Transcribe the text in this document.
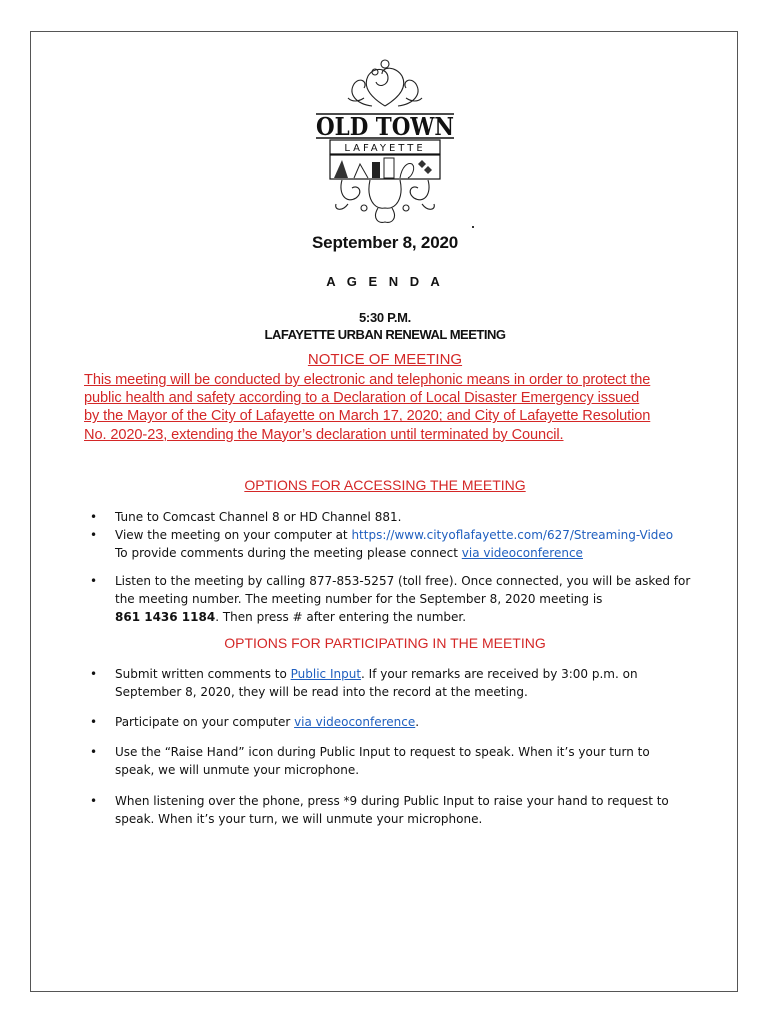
OLD TOWN
LAFAYETTE
September 8, 2020
A G E N D A
5:30 P.M.
LAFAYETTE URBAN RENEWAL MEETING
NOTICE OF MEETING
This meeting will be conducted by electronic and telephonic means in order to protect the
public health and safety according to a Declaration of Local Disaster Emergency issued
by the Mayor of the City of Lafayette on March 17, 2020; and City of Lafayette Resolution
No. 2020-23, extending the Mayor’s declaration until terminated by Council.
OPTIONS FOR ACCESSING THE MEETING
• Tune to Comcast Channel 8 or HD Channel 881.
• View the meeting on your computer at https://www.cityoflafayette.com/627/Streaming-Video
To provide comments during the meeting please connect via videoconference
• Listen to the meeting by calling 877-853-5257 (toll free). Once connected, you will be asked for
the meeting number. The meeting number for the September 8, 2020 meeting is
861 1436 1184. Then press # after entering the number.
OPTIONS FOR PARTICIPATING IN THE MEETING
• Submit written comments to Public Input. If your remarks are received by 3:00 p.m. on
September 8, 2020, they will be read into the record at the meeting.
• Participate on your computer via videoconference.
• Use the “Raise Hand” icon during Public Input to request to speak. When it’s your turn to
speak, we will unmute your microphone.
• When listening over the phone, press *9 during Public Input to raise your hand to request to
speak. When it’s your turn, we will unmute your microphone.
